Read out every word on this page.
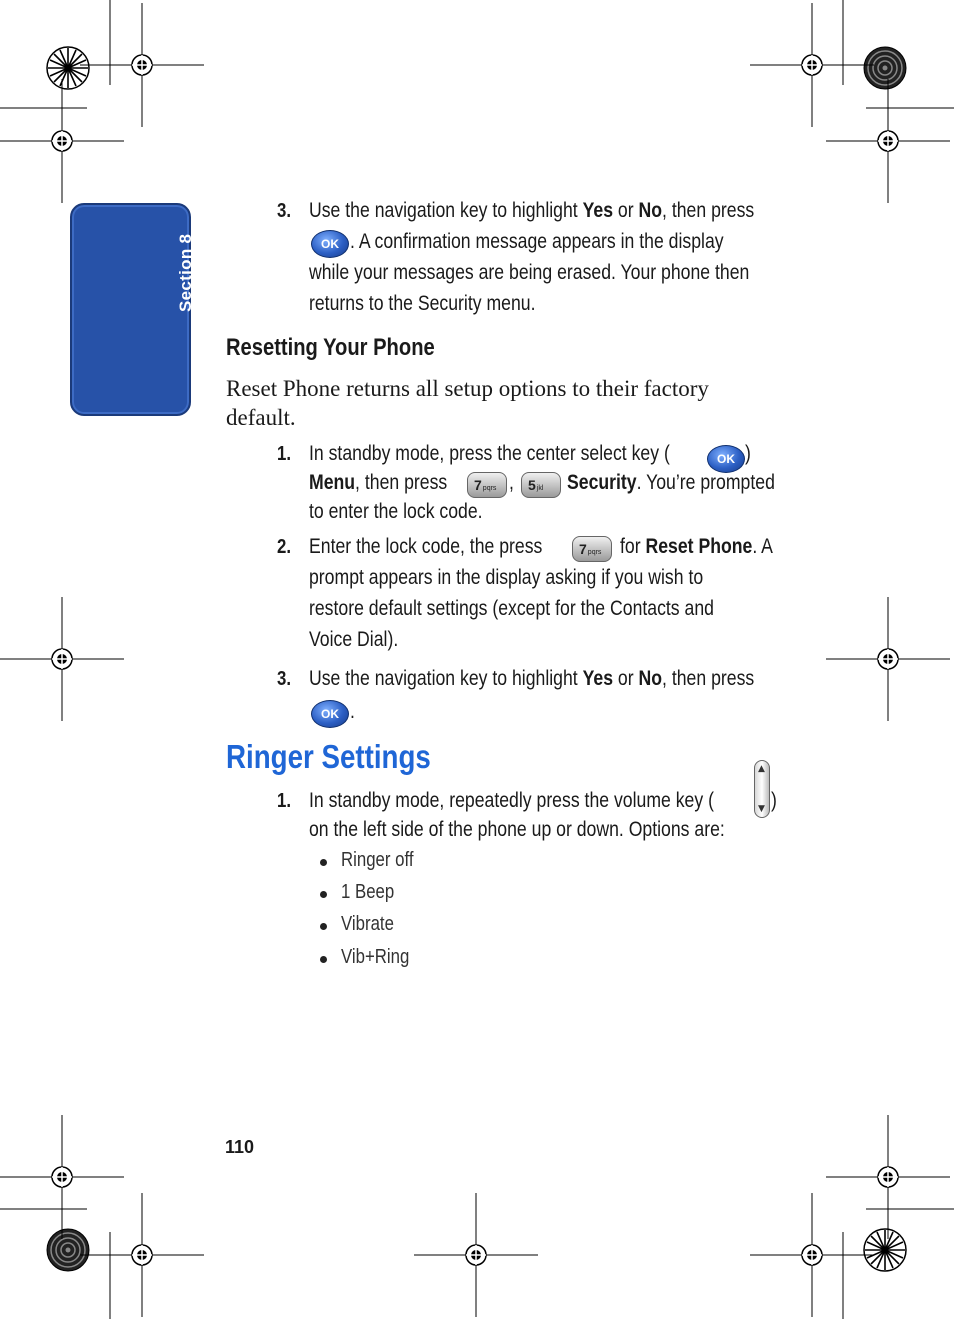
Section 8
3. Use the navigation key to highlight Yes or No, then press
OK . A confirmation message appears in the display
while your messages are being erased. Your phone then
returns to the Security menu.
Resetting Your Phone
Reset Phone returns all setup options to their factory
default.
1. In standby mode, press the center select key (	OK )
Menu, then press 7 pqrs , 5 jkl Security. You’re prompted
to enter the lock code.
2. Enter the lock code, the press	7 pqrs for Reset Phone. A
prompt appears in the display asking if you wish to
restore default settings (except for the Contacts and
Voice Dial).
3. Use the navigation key to highlight Yes or No, then press
OK .
Ringer Settings
1. In standby mode, repeatedly press the volume key (
▲
▼ )
on the left side of the phone up or down. Options are:
Ringer off
1 Beep
Vibrate
Vib+Ring
110
